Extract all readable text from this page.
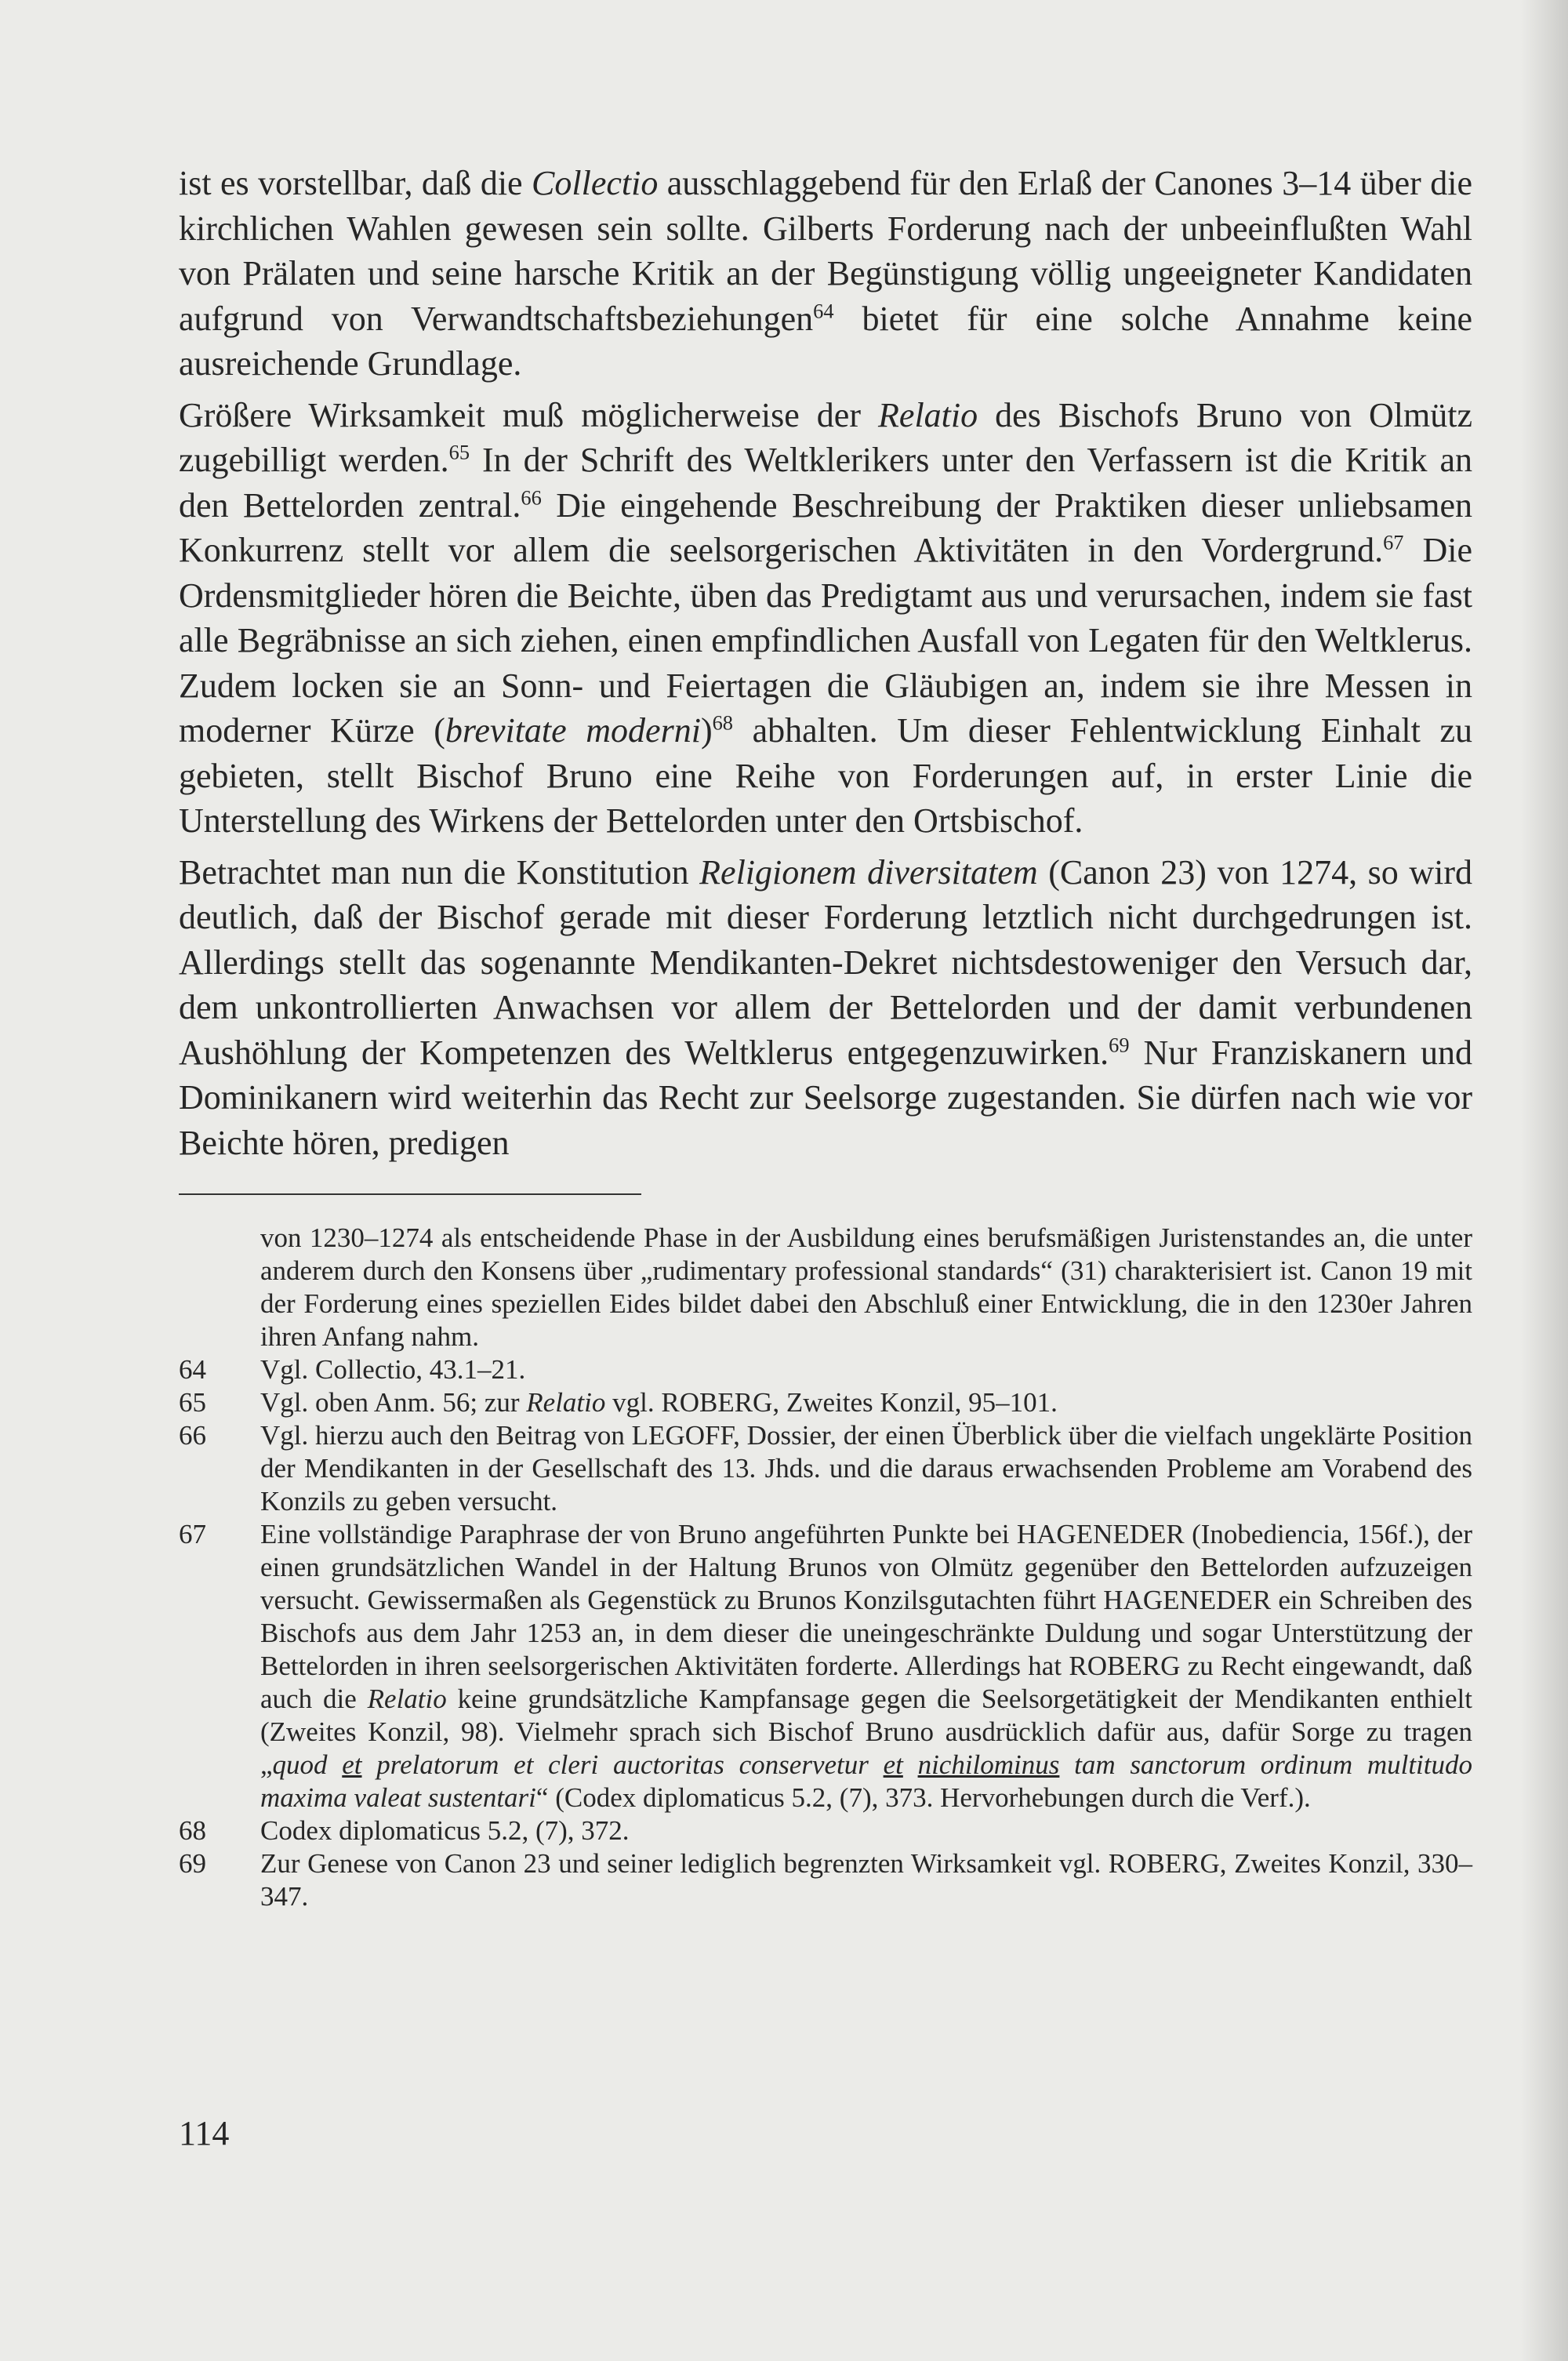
ist es vorstellbar, daß die Collectio ausschlaggebend für den Erlaß der Canones 3–14 über die kirchlichen Wahlen gewesen sein sollte. Gilberts Forderung nach der unbeeinflußten Wahl von Prälaten und seine harsche Kritik an der Begünstigung völlig ungeeigneter Kandidaten aufgrund von Verwandtschaftsbeziehungen$^{64}$ bietet für eine solche Annahme keine ausreichende Grundlage.

Größere Wirksamkeit muß möglicherweise der Relatio des Bischofs Bruno von Olmütz zugebilligt werden.$^{65}$ In der Schrift des Weltklerikers unter den Verfassern ist die Kritik an den Bettelorden zentral.$^{66}$ Die eingehende Beschreibung der Praktiken dieser unliebsamen Konkurrenz stellt vor allem die seelsorgerischen Aktivitäten in den Vordergrund.$^{67}$ Die Ordensmitglieder hören die Beichte, üben das Predigtamt aus und verursachen, indem sie fast alle Begräbnisse an sich ziehen, einen empfindlichen Ausfall von Legaten für den Weltklerus. Zudem locken sie an Sonn- und Feiertagen die Gläubigen an, indem sie ihre Messen in moderner Kürze (brevitate moderni)$^{68}$ abhalten. Um dieser Fehlentwicklung Einhalt zu gebieten, stellt Bischof Bruno eine Reihe von Forderungen auf, in erster Linie die Unterstellung des Wirkens der Bettelorden unter den Ortsbischof.

Betrachtet man nun die Konstitution Religionem diversitatem (Canon 23) von 1274, so wird deutlich, daß der Bischof gerade mit dieser Forderung letztlich nicht durchgedrungen ist. Allerdings stellt das sogenannte Mendikanten-Dekret nichtsdestoweniger den Versuch dar, dem unkontrollierten Anwachsen vor allem der Bettelorden und der damit verbundenen Aushöhlung der Kompetenzen des Weltklerus entgegenzuwirken.$^{69}$ Nur Franziskanern und Dominikanern wird weiterhin das Recht zur Seelsorge zugestanden. Sie dürfen nach wie vor Beichte hören, predigen

von 1230–1274 als entscheidende Phase in der Ausbildung eines berufsmäßigen Juristenstandes an, die unter anderem durch den Konsens über „rudimentary professional standards“ (31) charakterisiert ist. Canon 19 mit der Forderung eines speziellen Eides bildet dabei den Abschluß einer Entwicklung, die in den 1230er Jahren ihren Anfang nahm.
64	Vgl. Collectio, 43.1–21.
65	Vgl. oben Anm. 56; zur Relatio vgl. ROBERG, Zweites Konzil, 95–101.
66	Vgl. hierzu auch den Beitrag von LEGOFF, Dossier, der einen Überblick über die vielfach ungeklärte Position der Mendikanten in der Gesellschaft des 13. Jhds. und die daraus erwachsenden Probleme am Vorabend des Konzils zu geben versucht.
67	Eine vollständige Paraphrase der von Bruno angeführten Punkte bei HAGENEDER (Inobediencia, 156f.), der einen grundsätzlichen Wandel in der Haltung Brunos von Olmütz gegenüber den Bettelorden aufzuzeigen versucht. Gewissermaßen als Gegenstück zu Brunos Konzilsgutachten führt HAGENEDER ein Schreiben des Bischofs aus dem Jahr 1253 an, in dem dieser die uneingeschränkte Duldung und sogar Unterstützung der Bettelorden in ihren seelsorgerischen Aktivitäten forderte. Allerdings hat ROBERG zu Recht eingewandt, daß auch die Relatio keine grundsätzliche Kampfansage gegen die Seelsorgetätigkeit der Mendikanten enthielt (Zweites Konzil, 98). Vielmehr sprach sich Bischof Bruno ausdrücklich dafür aus, dafür Sorge zu tragen „quod et prelatorum et cleri auctoritas conservetur et nichilominus tam sanctorum ordinum multitudo maxima valeat sustentari“ (Codex diplomaticus 5.2, (7), 373. Hervorhebungen durch die Verf.).
68	Codex diplomaticus 5.2, (7), 372.
69	Zur Genese von Canon 23 und seiner lediglich begrenzten Wirksamkeit vgl. ROBERG, Zweites Konzil, 330–347.
114
